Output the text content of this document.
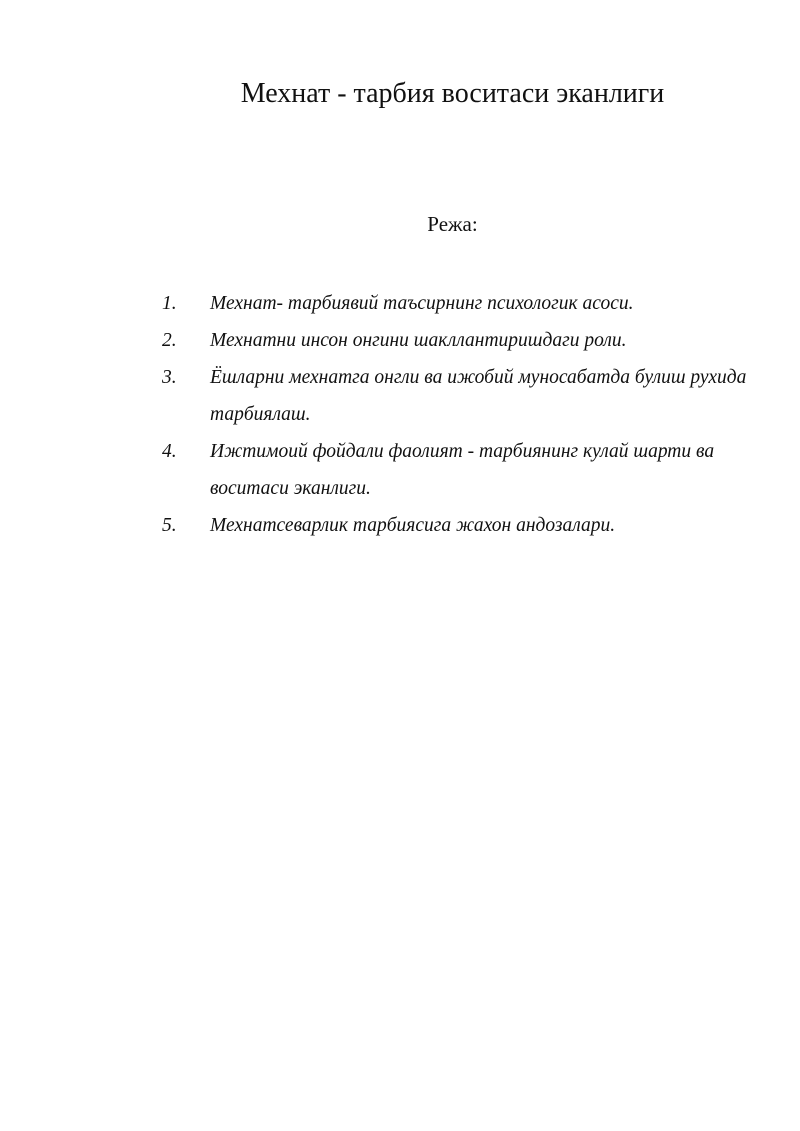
Мехнат - тарбия воситаси эканлиги
Режа:
1. Мехнат- тарбиявий таъсирнинг психологик асоси.
2. Мехнатни инсон онгини шакллантиришдаги роли.
3. Ёшларни мехнатга онгли ва ижобий муносабатда булиш рухида тарбиялаш.
4. Ижтимоий фойдали фаолият - тарбиянинг кулай шарти ва воситаси эканлиги.
5. Мехнатсеварлик тарбиясига жахон андозалари.
